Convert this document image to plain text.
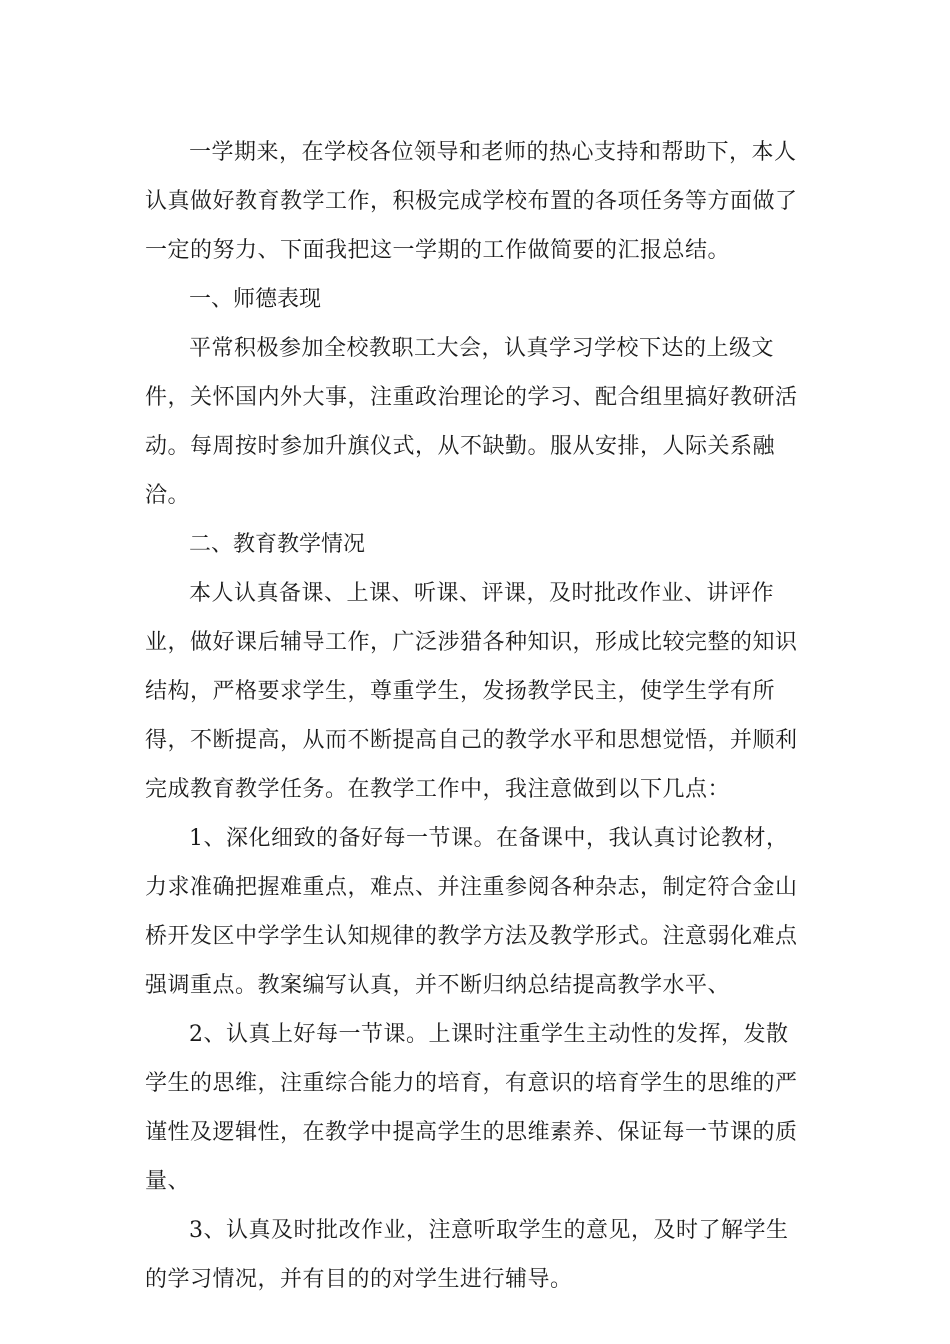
一学期来，在学校各位领导和老师的热心支持和帮助下，本人认真做好教育教学工作，积极完成学校布置的各项任务等方面做了一定的努力、下面我把这一学期的工作做简要的汇报总结。

一、师德表现

平常积极参加全校教职工大会，认真学习学校下达的上级文件，关怀国内外大事，注重政治理论的学习、配合组里搞好教研活动。每周按时参加升旗仪式，从不缺勤。服从安排，人际关系融洽。

二、教育教学情况

本人认真备课、上课、听课、评课，及时批改作业、讲评作业，做好课后辅导工作，广泛涉猎各种知识，形成比较完整的知识结构，严格要求学生，尊重学生，发扬教学民主，使学生学有所得，不断提高，从而不断提高自己的教学水平和思想觉悟，并顺利完成教育教学任务。在教学工作中，我注意做到以下几点：

1、深化细致的备好每一节课。在备课中，我认真讨论教材，力求准确把握难重点，难点、并注重参阅各种杂志，制定符合金山桥开发区中学学生认知规律的教学方法及教学形式。注意弱化难点强调重点。教案编写认真，并不断归纳总结提高教学水平、

2、认真上好每一节课。上课时注重学生主动性的发挥，发散学生的思维，注重综合能力的培育，有意识的培育学生的思维的严谨性及逻辑性，在教学中提高学生的思维素养、保证每一节课的质量、

3、认真及时批改作业，注意听取学生的意见，及时了解学生的学习情况，并有目的的对学生进行辅导。
